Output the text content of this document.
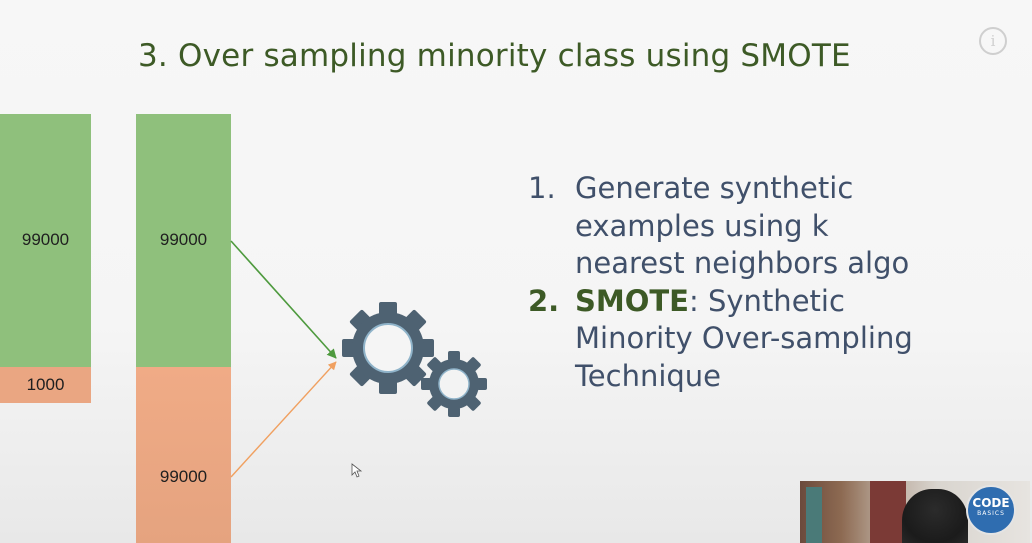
3. Over sampling minority class using SMOTE	i
99000
1000
99000
99000
1. Generate synthetic
examples using k
nearest neighbors algo
2. SMOTE: Synthetic
Minority Over-sampling
Technique
CODE
BASICS
